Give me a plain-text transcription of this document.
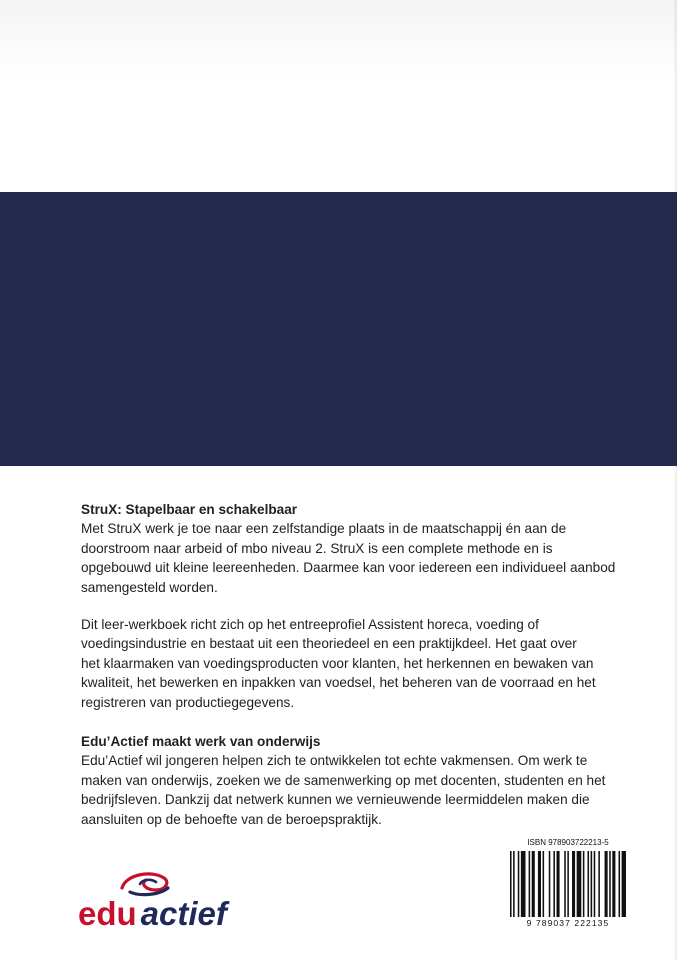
StruX: Stapelbaar en schakelbaar
Met StruX werk je toe naar een zelfstandige plaats in de maatschappij én aan de
doorstroom naar arbeid of mbo niveau 2. StruX is een complete methode en is
opgebouwd uit kleine leereenheden. Daarmee kan voor iedereen een individueel aanbod
samengesteld worden.
Dit leer-werkboek richt zich op het entreeprofiel Assistent horeca, voeding of
voedingsindustrie en bestaat uit een theoriedeel en een praktijkdeel. Het gaat over
het klaarmaken van voedingsproducten voor klanten, het herkennen en bewaken van
kwaliteit, het bewerken en inpakken van voedsel, het beheren van de voorraad en het
registreren van productiegegevens.
Edu’Actief maakt werk van onderwijs
Edu’Actief wil jongeren helpen zich te ontwikkelen tot echte vakmensen. Om werk te
maken van onderwijs, zoeken we de samenwerking op met docenten, studenten en het
bedrijfsleven. Dankzij dat netwerk kunnen we vernieuwende leermiddelen maken die
aansluiten op de behoefte van de beroepspraktijk.
edu actief
ISBN 978903722213-5
9 789037 222135
